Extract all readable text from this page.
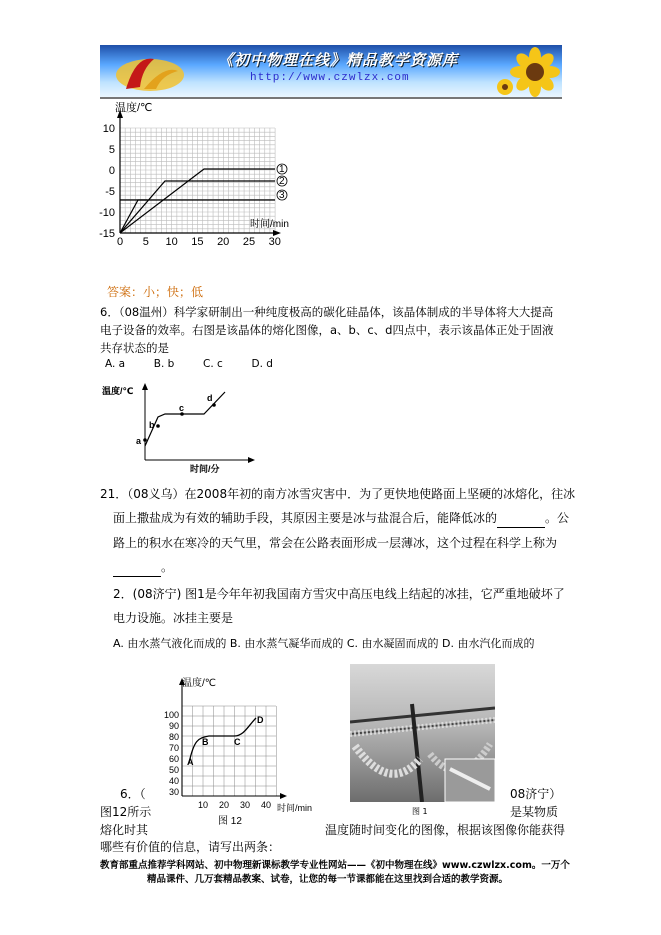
《初中物理在线》精品教学资源库
http://www.czwlzx.com
温度/℃
时间/min
10
5
0
-5
-10
-15
0 5 10 15 20 25 30
1
2
3
答案：小；快；低
6．（08温州）科学家研制出一种纯度极高的碳化硅晶体，该晶体制成的半导体将大大提高
电子设备的效率。右图是该晶体的熔化图像，a、b、c、d四点中，表示该晶体正处于固液
共存状态的是
A. a	B. b	C. c	D. d
温度/℃
时间/分
a
b
c
d
21．（08义乌）在2008年初的南方冰雪灾害中．为了更快地使路面上坚硬的冰熔化，往冰
面上撒盐成为有效的辅助手段，其原因主要是冰与盐混合后，能降低冰的	。公
路上的积水在寒冷的天气里，常会在公路表面形成一层薄冰，这个过程在科学上称为
。
2．(08济宁) 图1是今年年初我国南方雪灾中高压电线上结起的冰挂，它严重地破坏了
电力设施。冰挂主要是
A. 由水蒸气液化而成的 B. 由水蒸气凝华而成的 C. 由水凝固而成的 D. 由水汽化而成的
温度/℃
时间/min
100
90
80
70
60
50
40
30
10 20 30 40
A
B	C
D
图 12
图 1
6．（	08济宁）
图12所示	是某物质
熔化时其	温度随时间变化的图像，根据该图像你能获得
哪些有价值的信息，请写出两条：
教育部重点推荐学科网站、初中物理新课标教学专业性网站——《初中物理在线》www.czwlzx.com。一万个
精品课件、几万套精品教案、试卷，让您的每一节课都能在这里找到合适的教学资源。
